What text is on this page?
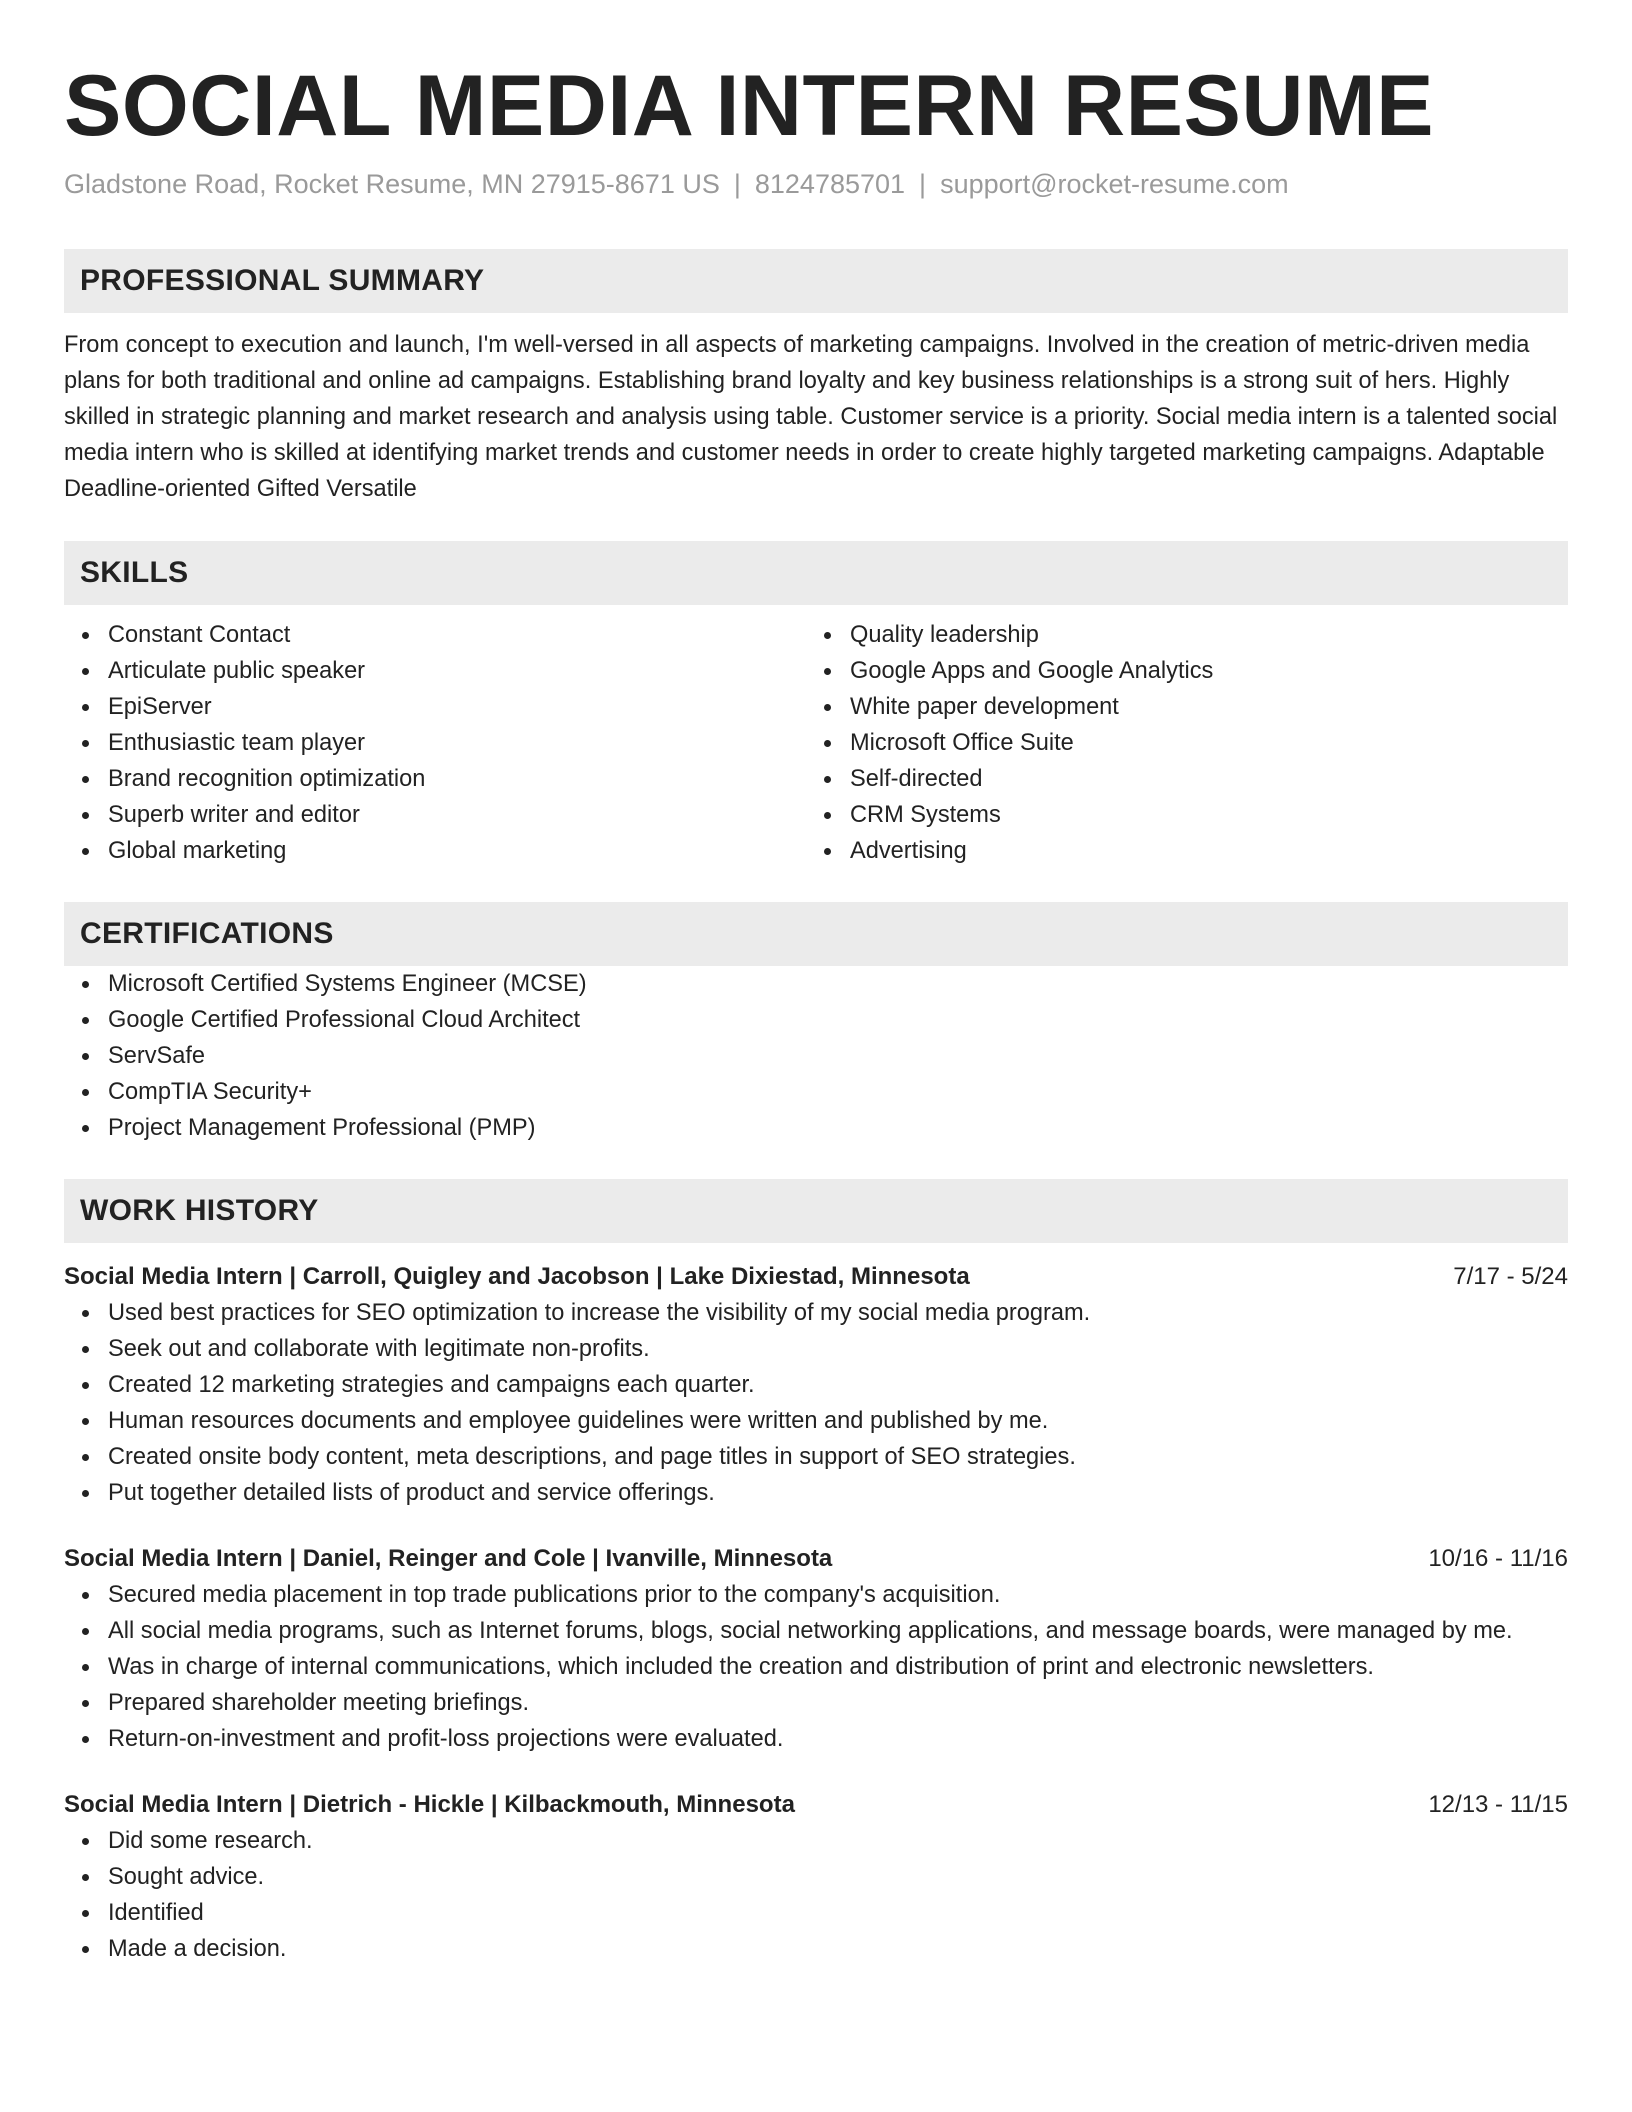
SOCIAL MEDIA INTERN RESUME
Gladstone Road, Rocket Resume, MN 27915-8671 US | 8124785701 | support@rocket-resume.com
PROFESSIONAL SUMMARY

From concept to execution and launch, I'm well-versed in all aspects of marketing campaigns. Involved in the creation of metric-driven media plans for both traditional and online ad campaigns. Establishing brand loyalty and key business relationships is a strong suit of hers. Highly skilled in strategic planning and market research and analysis using table. Customer service is a priority. Social media intern is a talented social media intern who is skilled at identifying market trends and customer needs in order to create highly targeted marketing campaigns. Adaptable Deadline-oriented Gifted Versatile

SKILLS
Constant Contact
Articulate public speaker
EpiServer
Enthusiastic team player
Brand recognition optimization
Superb writer and editor
Global marketing
Quality leadership
Google Apps and Google Analytics
White paper development
Microsoft Office Suite
Self-directed
CRM Systems
Advertising
CERTIFICATIONS
Microsoft Certified Systems Engineer (MCSE)
Google Certified Professional Cloud Architect
ServSafe
CompTIA Security+
Project Management Professional (PMP)
WORK HISTORY
Social Media Intern | Carroll, Quigley and Jacobson | Lake Dixiestad, Minnesota	7/17 - 5/24
Used best practices for SEO optimization to increase the visibility of my social media program.
Seek out and collaborate with legitimate non-profits.
Created 12 marketing strategies and campaigns each quarter.
Human resources documents and employee guidelines were written and published by me.
Created onsite body content, meta descriptions, and page titles in support of SEO strategies.
Put together detailed lists of product and service offerings.
Social Media Intern | Daniel, Reinger and Cole | Ivanville, Minnesota	10/16 - 11/16
Secured media placement in top trade publications prior to the company's acquisition.
All social media programs, such as Internet forums, blogs, social networking applications, and message boards, were managed by me.
Was in charge of internal communications, which included the creation and distribution of print and electronic newsletters.
Prepared shareholder meeting briefings.
Return-on-investment and profit-loss projections were evaluated.
Social Media Intern | Dietrich - Hickle | Kilbackmouth, Minnesota	12/13 - 11/15
Did some research.
Sought advice.
Identified
Made a decision.
